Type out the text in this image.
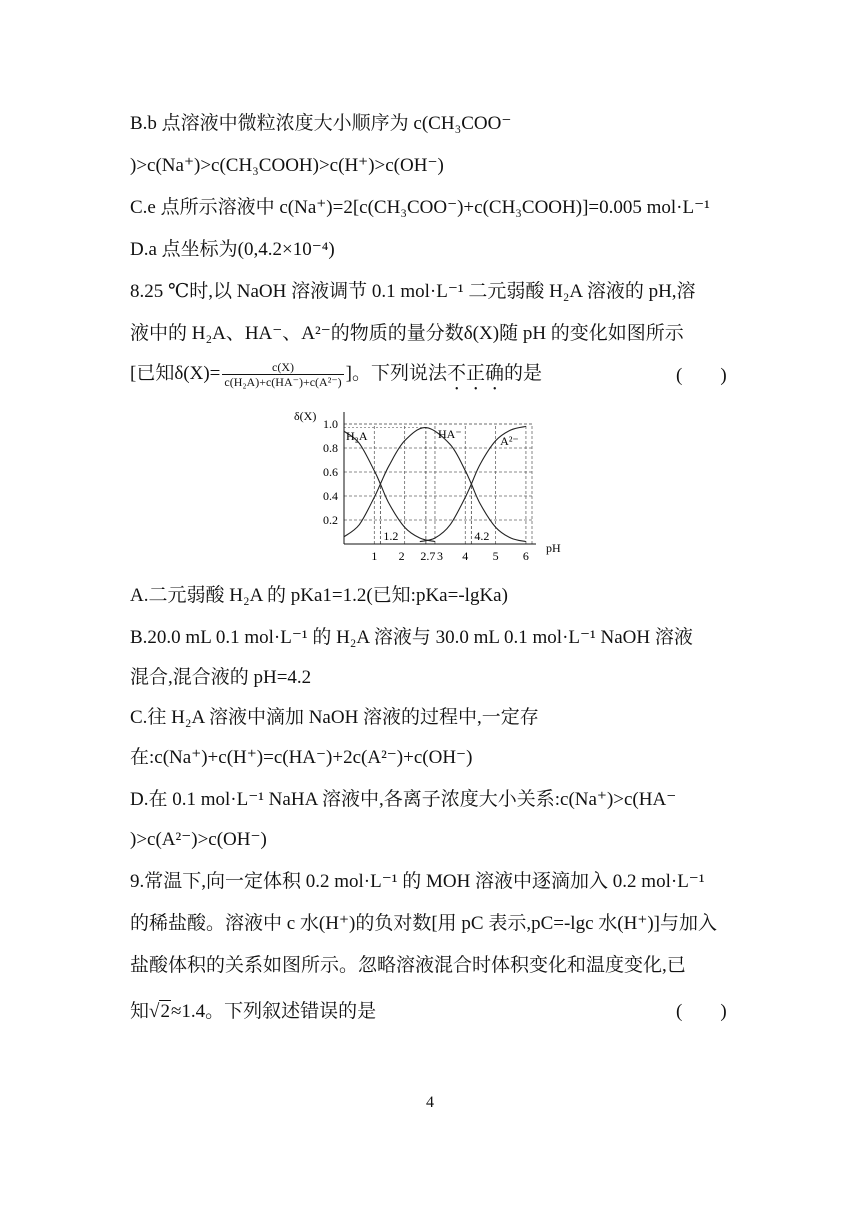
B.b 点溶液中微粒浓度大小顺序为 c(CH₃COO⁻
)>c(Na⁺)>c(CH₃COOH)>c(H⁺)>c(OH⁻)
C.e 点所示溶液中 c(Na⁺)=2[c(CH₃COO⁻)+c(CH₃COOH)]=0.005 mol·L⁻¹
D.a 点坐标为(0,4.2×10⁻⁴)
8.25 ℃时,以 NaOH 溶液调节 0.1 mol·L⁻¹ 二元弱酸 H₂A 溶液的 pH,溶
液中的 H₂A、HA⁻、A²⁻的物质的量分数δ(X)随 pH 的变化如图所示
[已知$\delta(X)= \frac{c(X)}{\text{c(H₂A)+c(HA⁻)+c(A²⁻)}}$ ]。下列说法不正确的是	(　　)
0.2
0.4
0.6
0.8
1.0
1 2 2.7 3 4 5 6
1.2	4.2
δ(X)
pH
H₂A	HA⁻	A²⁻
A.二元弱酸 H₂A 的 pKa1=1.2(已知:pKa=-lgKa)
B.20.0 mL 0.1 mol·L⁻¹ 的 H₂A 溶液与 30.0 mL 0.1 mol·L⁻¹ NaOH 溶液
混合,混合液的 pH=4.2
C.往 H₂A 溶液中滴加 NaOH 溶液的过程中,一定存
在:c(Na⁺)+c(H⁺)=c(HA⁻)+2c(A²⁻)+c(OH⁻)
D.在 0.1 mol·L⁻¹ NaHA 溶液中,各离子浓度大小关系:c(Na⁺)>c(HA⁻
)>c(A²⁻)>c(OH⁻)
9.常温下,向一定体积 0.2 mol·L⁻¹ 的 MOH 溶液中逐滴加入 0.2 mol·L⁻¹
的稀盐酸。溶液中 c 水(H⁺)的负对数[用 pC 表示,pC=-lgc 水(H⁺)]与加入
盐酸体积的关系如图所示。忽略溶液混合时体积变化和温度变化,已
知√2≈1.4。下列叙述错误的是	(　　)
4
